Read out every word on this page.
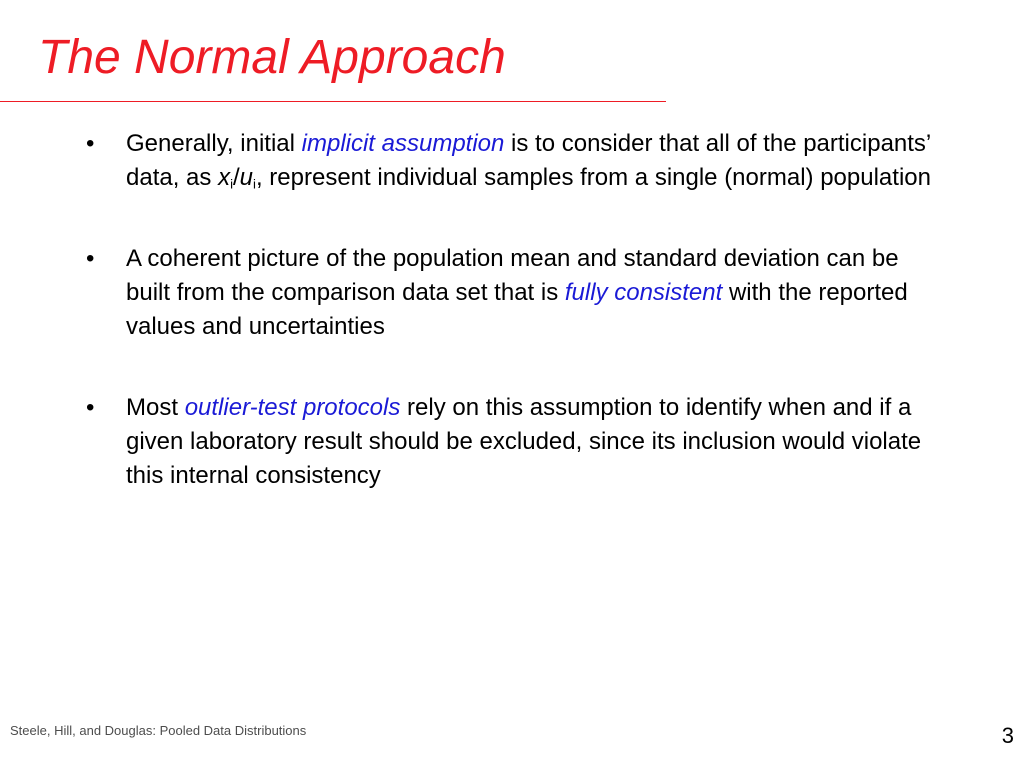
The Normal Approach
•	Generally, initial implicit assumption is to consider that all of the participants’ data, as $x_i/u_i$, represent individual samples from a single (normal) population
•	A coherent picture of the population mean and standard deviation can be built from the comparison data set that is fully consistent with the reported values and uncertainties
•	Most outlier-test protocols rely on this assumption to identify when and if a given laboratory result should be excluded, since its inclusion would violate this internal consistency
Steele, Hill, and Douglas: Pooled Data Distributions	3
